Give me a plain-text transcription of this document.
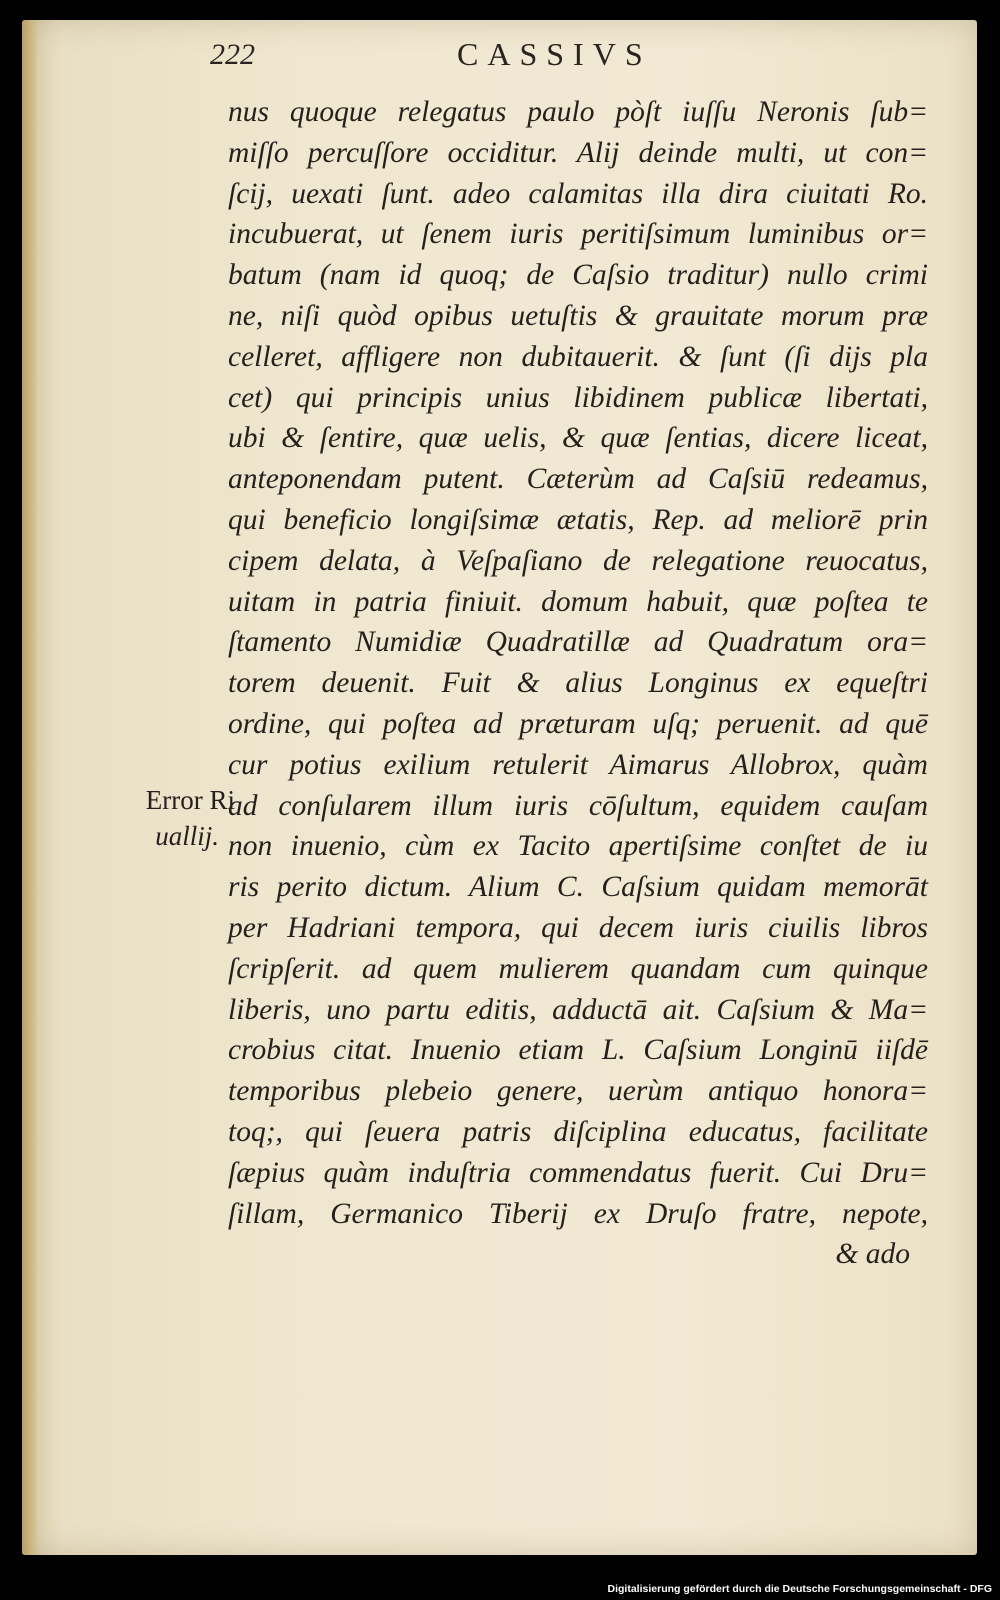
222	CASSIVS
nus quoque relegatus paulo pòſt iuſſu Neronis ſub=
miſſo percuſſore occiditur. Alij deinde multi, ut con=
ſcij, uexati ſunt. adeo calamitas illa dira ciuitati Ro.
incubuerat, ut ſenem iuris peritiſsimum luminibus or=
batum (nam id quoq; de Caſsio traditur) nullo crimi
ne, niſi quòd opibus uetuſtis & grauitate morum præ
celleret, affligere non dubitauerit. & ſunt (ſi dijs pla
cet) qui principis unius libidinem publicæ libertati,
ubi & ſentire, quæ uelis, & quæ ſentias, dicere liceat,
anteponendam putent. Cæterùm ad Caſsiū redeamus,
qui beneficio longiſsimæ ætatis, Rep. ad meliorē prin
cipem delata, à Veſpaſiano de relegatione reuocatus,
uitam in patria finiuit. domum habuit, quæ poſtea te
ſtamento Numidiæ Quadratillæ ad Quadratum ora=
torem deuenit. Fuit & alius Longinus ex equeſtri
ordine, qui poſtea ad præturam uſq; peruenit. ad quē
cur potius exilium retulerit Aimarus Allobrox, quàm
ad conſularem illum iuris cōſultum, equidem cauſam
non inuenio, cùm ex Tacito apertiſsime conſtet de iu
ris perito dictum. Alium C. Caſsium quidam memorāt
per Hadriani tempora, qui decem iuris ciuilis libros
ſcripſerit. ad quem mulierem quandam cum quinque
liberis, uno partu editis, adductā ait. Caſsium & Ma=
crobius citat. Inuenio etiam L. Caſsium Longinū iiſdē
temporibus plebeio genere, uerùm antiquo honora=
toq;, qui ſeuera patris diſciplina educatus, facilitate
ſæpius quàm induſtria commendatus fuerit. Cui Dru=
ſillam, Germanico Tiberij ex Druſo fratre, nepote,
& ado
Error Ri
uallij.
Digitalisierung gefördert durch die Deutsche Forschungsgemeinschaft - DFG
